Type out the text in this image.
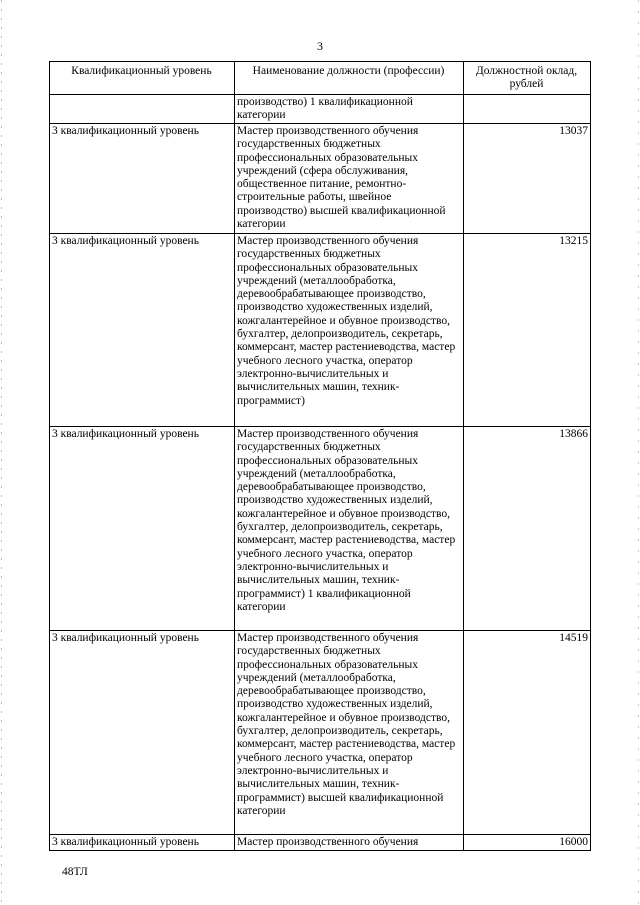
3
Квалификационный уровень	Наименование должности (профессии)	Должностной оклад, рублей
	производство) 1 квалификационной категории	
3 квалификационный уровень	Мастер производственного обучения государственных бюджетных профессиональных образовательных учреждений (сфера обслуживания, общественное питание, ремонтно-строительные работы, швейное производство) высшей квалификационной категории	13037
3 квалификационный уровень	Мастер производственного обучения государственных бюджетных профессиональных образовательных учреждений (металлообработка, деревообрабатывающее производство, производство художественных изделий, кожгалантерейное и обувное производство, бухгалтер, делопроизводитель, секретарь, коммерсант, мастер растениеводства, мастер учебного лесного участка, оператор электронно-вычислительных и вычислительных машин, техник-программист)	13215
3 квалификационный уровень	Мастер производственного обучения государственных бюджетных профессиональных образовательных учреждений (металлообработка, деревообрабатывающее производство, производство художественных изделий, кожгалантерейное и обувное производство, бухгалтер, делопроизводитель, секретарь, коммерсант, мастер растениеводства, мастер учебного лесного участка, оператор электронно-вычислительных и вычислительных машин, техник-программист) 1 квалификационной категории	13866
3 квалификационный уровень	Мастер производственного обучения государственных бюджетных профессиональных образовательных учреждений (металлообработка, деревообрабатывающее производство, производство художественных изделий, кожгалантерейное и обувное производство, бухгалтер, делопроизводитель, секретарь, коммерсант, мастер растениеводства, мастер учебного лесного участка, оператор электронно-вычислительных и вычислительных машин, техник-программист) высшей квалификационной категории	14519
3 квалификационный уровень	Мастер производственного обучения	16000
48ТЛ
